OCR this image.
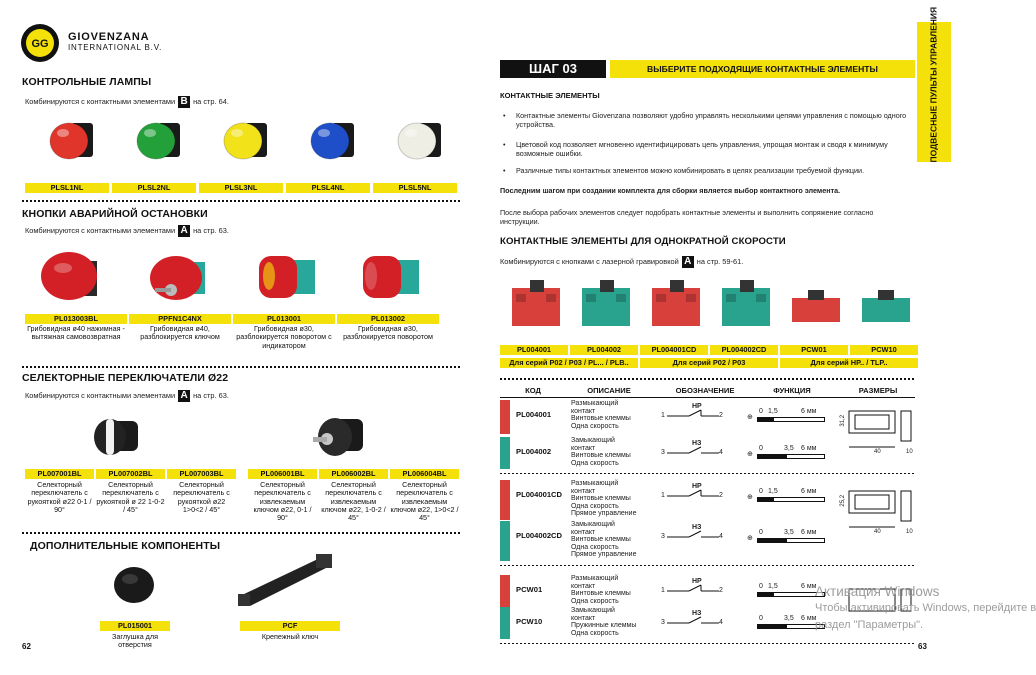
GG
GIOVENZANA
INTERNATIONAL B.V.
КОНТРОЛЬНЫЕ ЛАМПЫ
Комбинируются с контактными элементами B на стр. 64.
PLSL1NL	PLSL2NL	PLSL3NL	PLSL4NL	PLSL5NL
КНОПКИ АВАРИЙНОЙ ОСТАНОВКИ
Комбинируются с контактными элементами A на стр. 63.
PL013003BL
Грибовидная ø40 нажимная - вытяжная самовозвратная
PPFN1C4NX
Грибовидная ø40, разблокируется ключом
PL013001
Грибовидная ø30, разблокируется поворотом с индикатором
PL013002
Грибовидная ø30, разблокируется поворотом
СЕЛЕКТОРНЫЕ ПЕРЕКЛЮЧАТЕЛИ Ø22
Комбинируются с контактными элементами A на стр. 63.
PL007001BL
Селекторный переключатель с рукояткой ø22 0-1 / 90°
PL007002BL
Селекторный переключатель с рукояткой ø 22 1-0-2 / 45°
PL007003BL
Селекторный переключатель с рукояткой ø22 1>0<2 / 45°
PL006001BL
Селекторный переключатель с извлекаемым ключом ø22, 0-1 / 90°
PL006002BL
Селекторный переключатель с извлекаемым ключом ø22, 1-0-2 / 45°
PL006004BL
Селекторный переключатель с извлекаемым ключом ø22, 1>0<2 / 45°
ДОПОЛНИТЕЛЬНЫЕ КОМПОНЕНТЫ
PL015001
Заглушка для отверстия
PCF
Крепежный ключ
62
ШАГ 03	ВЫБЕРИТЕ ПОДХОДЯЩИЕ КОНТАКТНЫЕ ЭЛЕМЕНТЫ	ПОДВЕСНЫЕ ПУЛЬТЫ УПРАВЛЕНИЯ
КОНТАКТНЫЕ ЭЛЕМЕНТЫ
• Контактные элементы Giovenzana позволяют удобно управлять несколькими цепями управления с помощью одного устройства.
• Цветовой код позволяет мгновенно идентифицировать цепь управления, упрощая монтаж и сводя к минимуму возможные ошибки.
• Различные типы контактных элементов можно комбинировать в целях реализации требуемой функции.
Последним шагом при создании комплекта для сборки является выбор контактного элемента.
После выбора рабочих элементов следует подобрать контактные элементы и выполнить сопряжение согласно инструкции.
КОНТАКТНЫЕ ЭЛЕМЕНТЫ ДЛЯ ОДНОКРАТНОЙ СКОРОСТИ
Комбинируются с кнопками с лазерной гравировкой A на стр. 59-61.
PL004001	PL004002	PL004001CD	PL004002CD	PCW01	PCW10
Для серий P02 / P03 / PL... / PLB..	Для серий P02 / P03	Для серий HP.. / TLP..
КОД	ОПИСАНИЕ	ОБОЗНАЧЕНИЕ	ФУНКЦИЯ	РАЗМЕРЫ
PL004001
Размыкающий
контакт
Винтовые клеммы
Одна скорость
1	2
НР
0 1,5	6 мм
⊕
PL004002
Замыкающий
контакт
Винтовые клеммы
Одна скорость
3	4
НЗ
0	3,5 6 мм
⊕
PL004001CD
Размыкающий
контакт
Винтовые клеммы
Одна скорость
Прямое управление
1	2
НР
0 1,5	6 мм
⊕
PL004002CD
Замыкающий
контакт
Винтовые клеммы
Одна скорость
Прямое управление
3	4
НЗ
0	3,5 6 мм
⊕
PCW01
Размыкающий
контакт
Винтовые клеммы
Одна скорость
1	2
НР
0 1,5	6 мм
PCW10
Замыкающий
контакт
Пружинные клеммы
Одна скорость
3	4
НЗ
0	3,5 6 мм
31,2
40	10
25,2
40	10
63
Активация Windows
Чтобы активировать Windows, перейдите в
раздел "Параметры".
